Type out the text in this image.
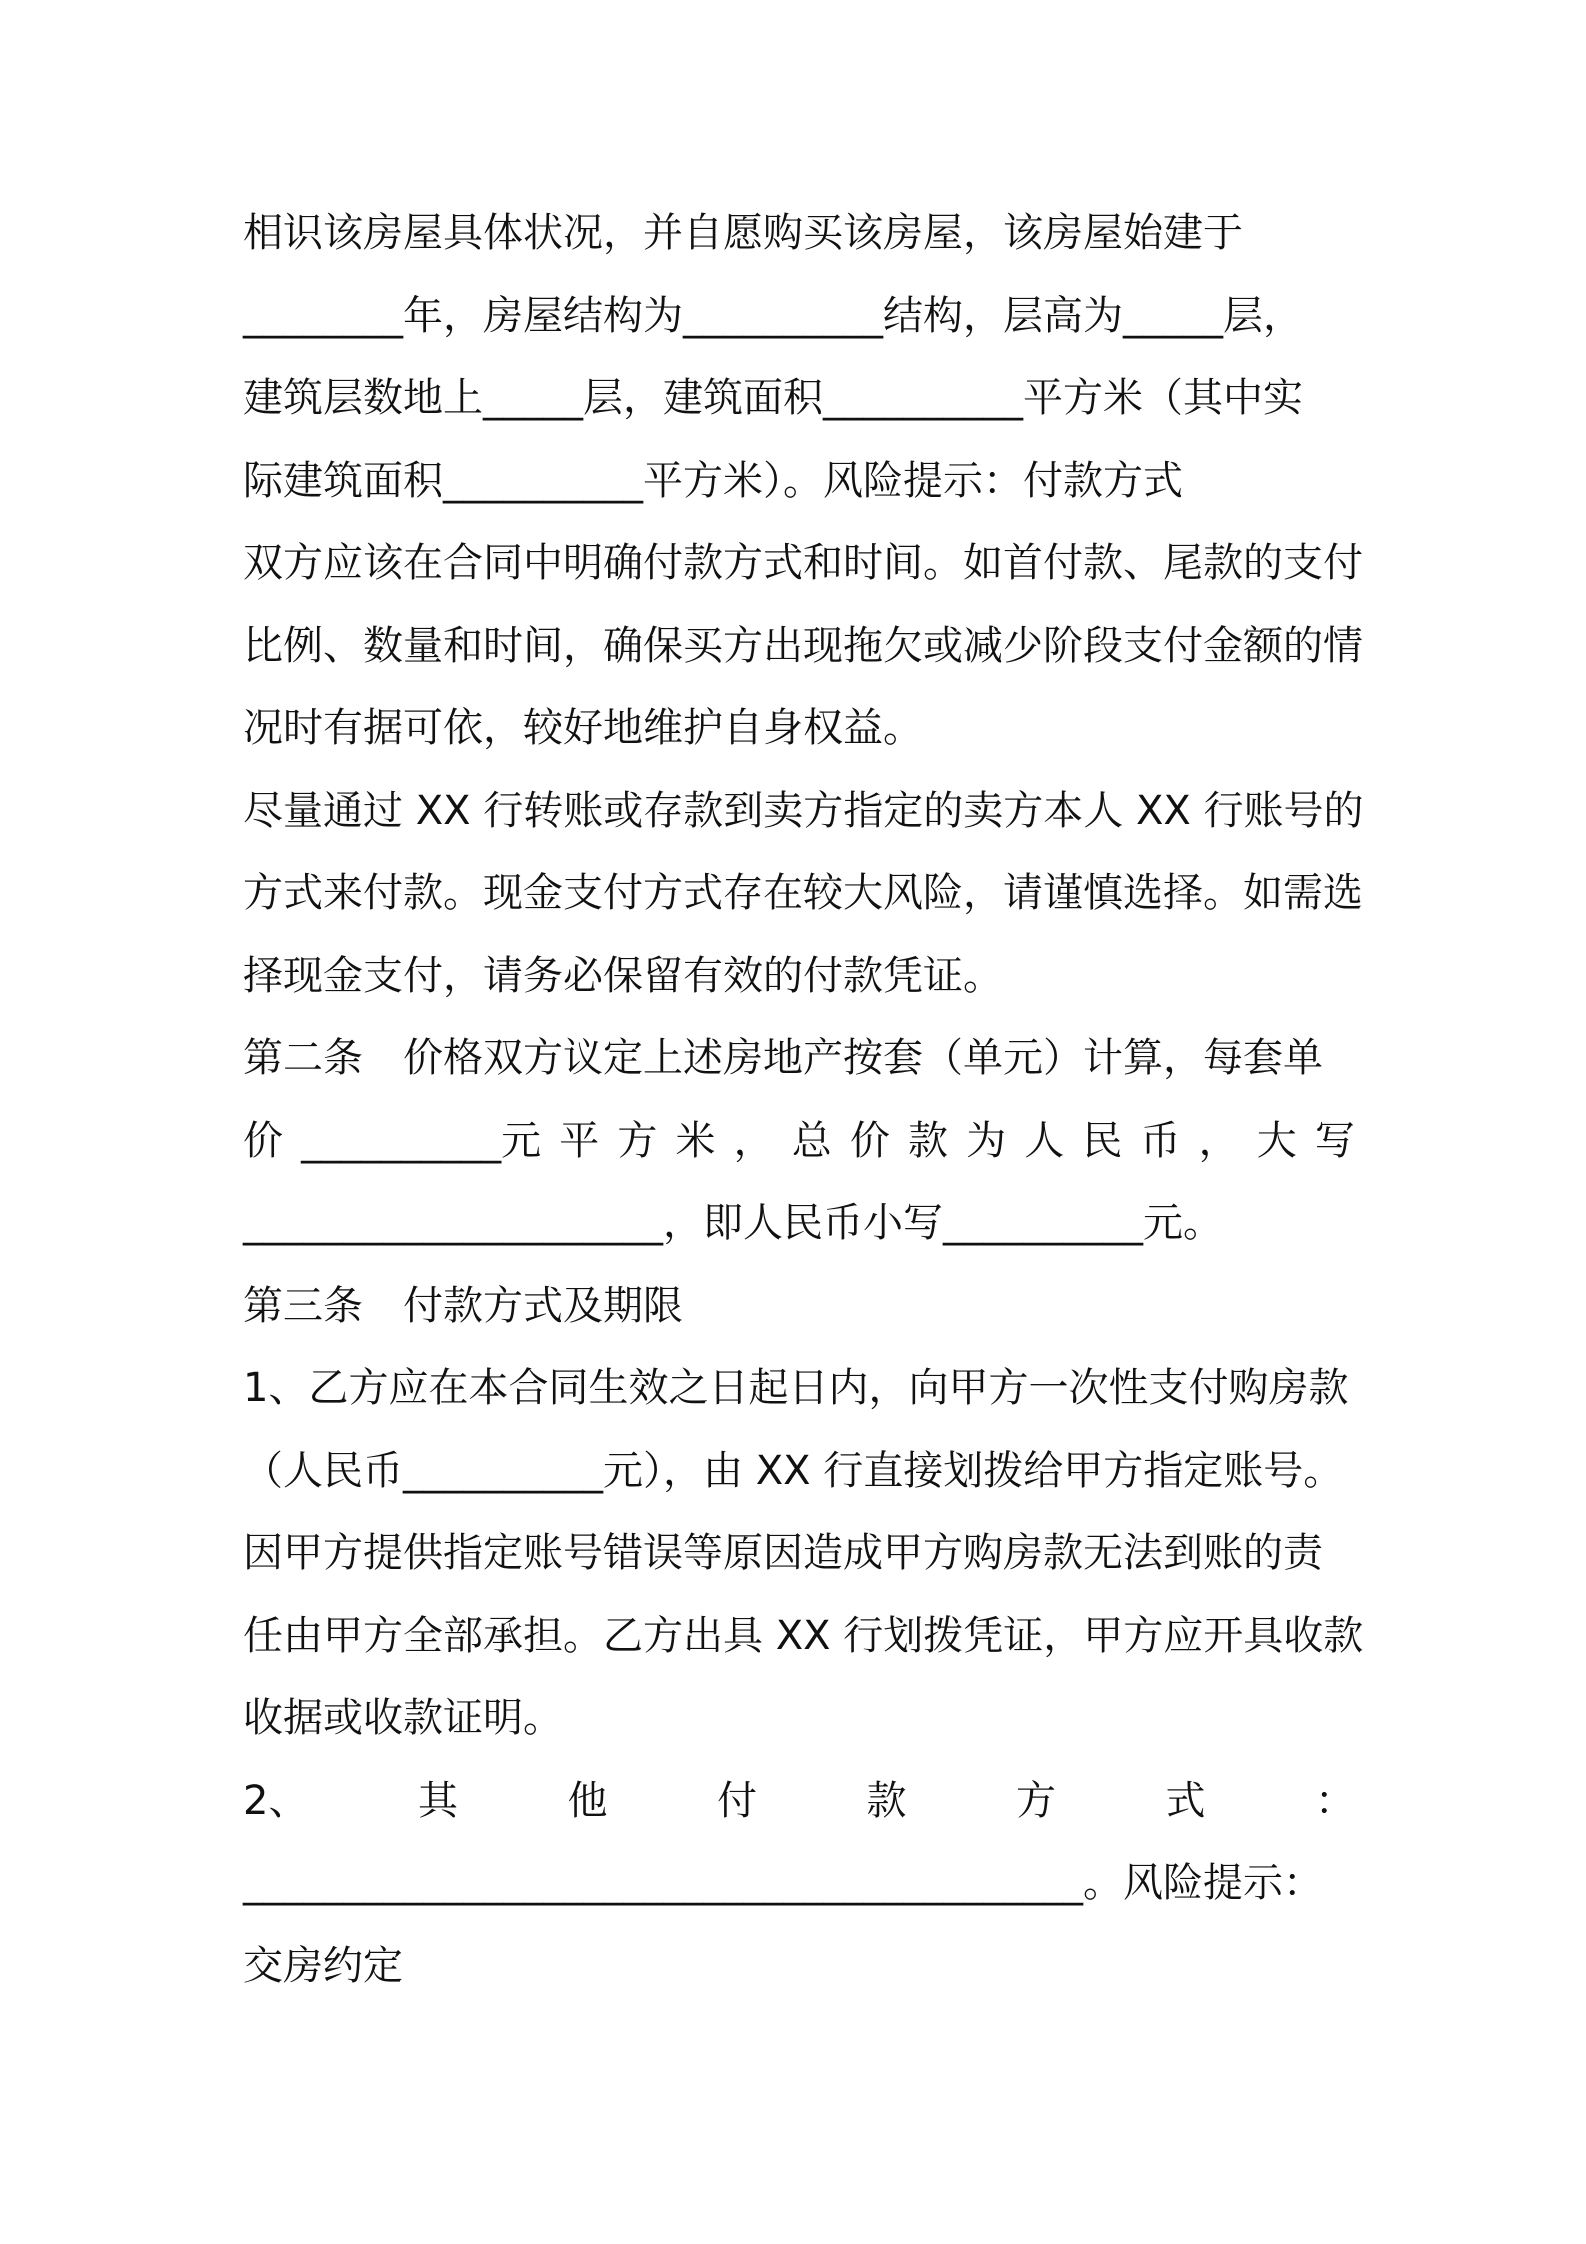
相识该房屋具体状况，并自愿购买该房屋，该房屋始建于
________年，房屋结构为__________结构，层高为_____层，
建筑层数地上_____层，建筑面积__________平方米（其中实
际建筑面积__________平方米）。风险提示：付款方式
双方应该在合同中明确付款方式和时间。如首付款、尾款的支付
比例、数量和时间，确保买方出现拖欠或减少阶段支付金额的情
况时有据可依，较好地维护自身权益。
尽量通过 XX 行转账或存款到卖方指定的卖方本人 XX 行账号的
方式来付款。现金支付方式存在较大风险，请谨慎选择。如需选
择现金支付，请务必保留有效的付款凭证。
第二条　价格双方议定上述房地产按套（单元）计算，每套单
价 __________元 平 方 米 ， 总 价 款 为 人 民 币 ， 大 写
_____________________，即人民币小写__________元。
第三条　付款方式及期限
1、乙方应在本合同生效之日起日内，向甲方一次性支付购房款
（人民币__________元），由 XX 行直接划拨给甲方指定账号。
因甲方提供指定账号错误等原因造成甲方购房款无法到账的责
任由甲方全部承担。乙方出具 XX 行划拨凭证，甲方应开具收款
收据或收款证明。
2、	其	他	付	款	方	式	：
__________________________________________。风险提示：
交房约定
